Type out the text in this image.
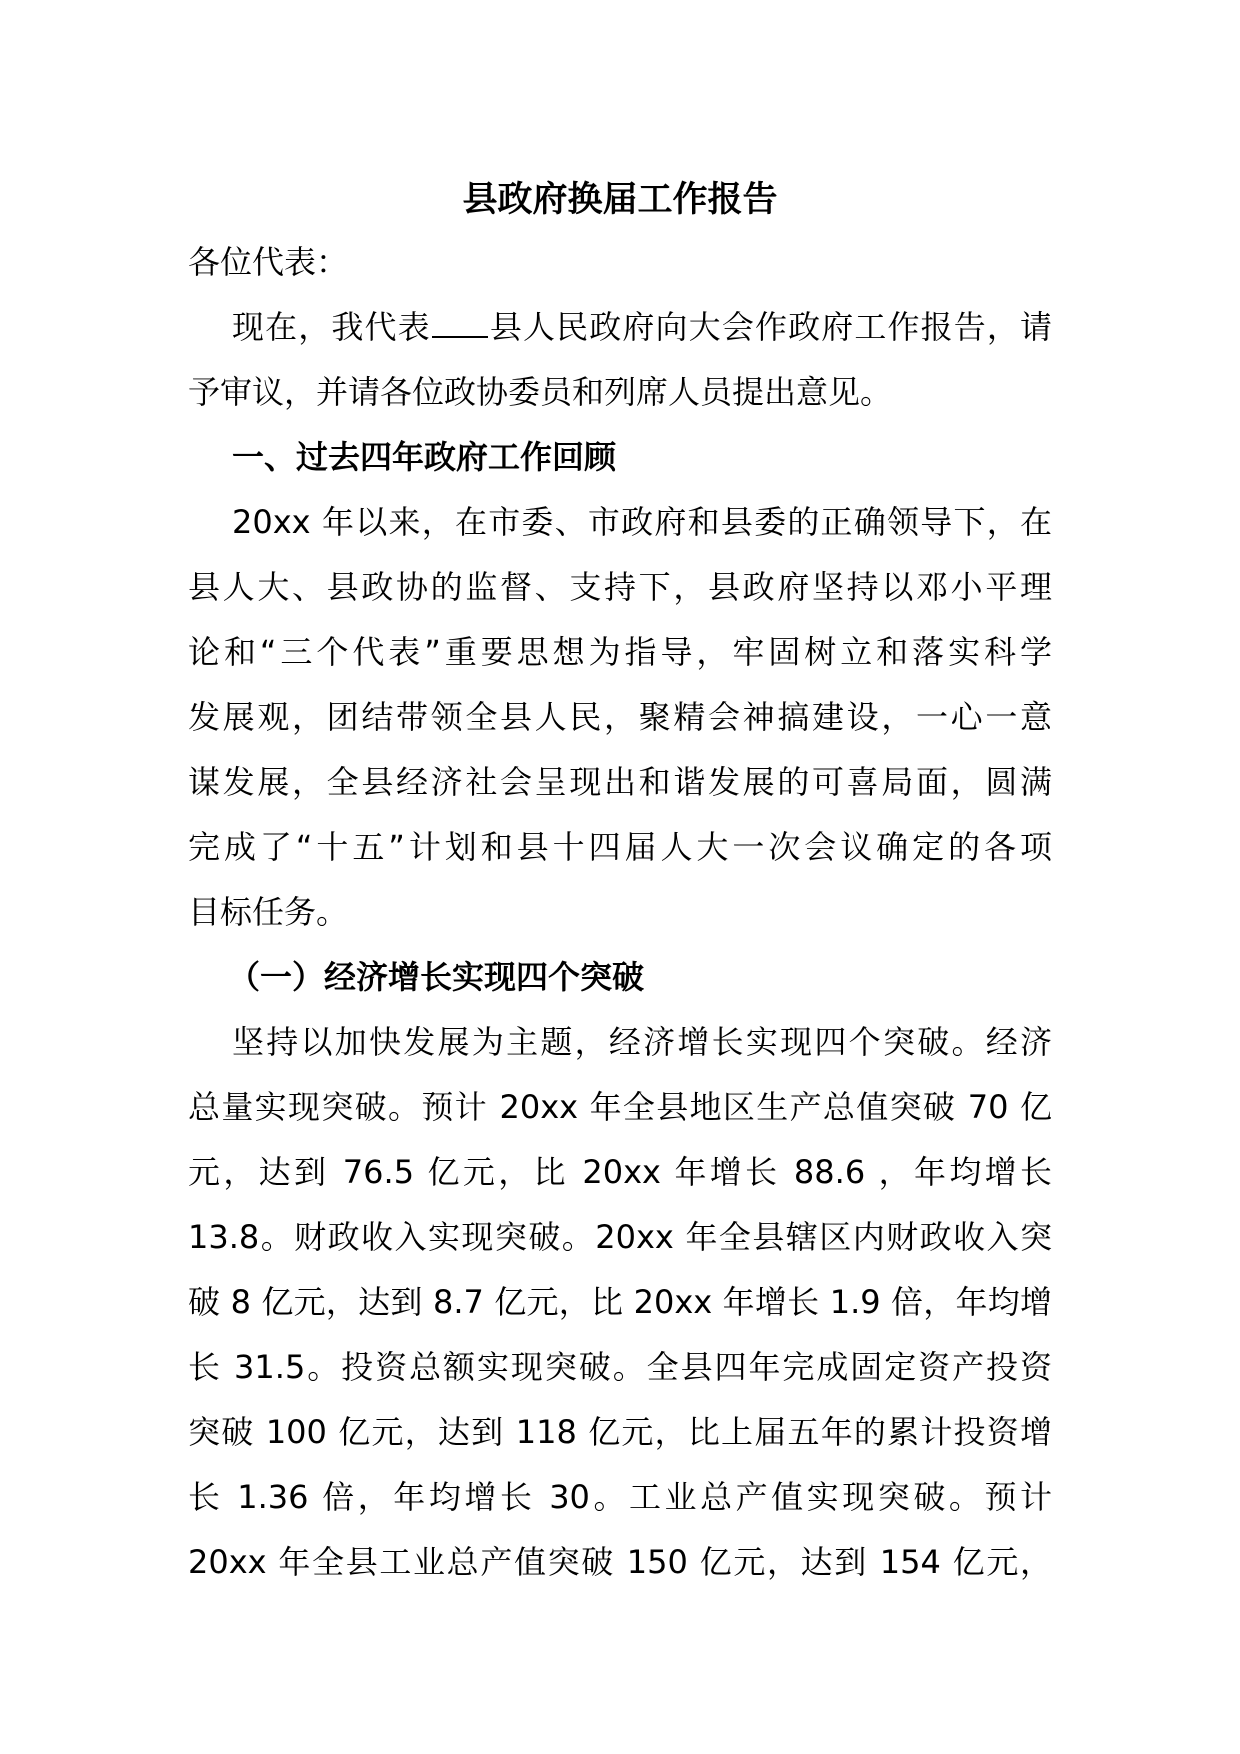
县政府换届工作报告

各位代表：

现在，我代表 县人民政府向大会作政府工作报告，请

予审议，并请各位政协委员和列席人员提出意见。

一、过去四年政府工作回顾

20xx 年以来，在市委、市政府和县委的正确领导下，在

县人大、县政协的监督、支持下，县政府坚持以邓小平理

论和“三个代表”重要思想为指导，牢固树立和落实科学

发展观，团结带领全县人民，聚精会神搞建设，一心一意

谋发展，全县经济社会呈现出和谐发展的可喜局面，圆满

完成了“十五”计划和县十四届人大一次会议确定的各项

目标任务。

（一）经济增长实现四个突破

坚持以加快发展为主题，经济增长实现四个突破。经济

总量实现突破。预计 20xx 年全县地区生产总值突破 70 亿

元，达到 76.5 亿元，比 20xx 年增长 88.6 ，年均增长

13.8。财政收入实现突破。20xx 年全县辖区内财政收入突

破 8 亿元，达到 8.7 亿元，比 20xx 年增长 1.9 倍，年均增

长 31.5。投资总额实现突破。全县四年完成固定资产投资

突破 100 亿元，达到 118 亿元，比上届五年的累计投资增

长 1.36 倍，年均增长 30。工业总产值实现突破。预计

20xx 年全县工业总产值突破 150 亿元，达到 154 亿元，
